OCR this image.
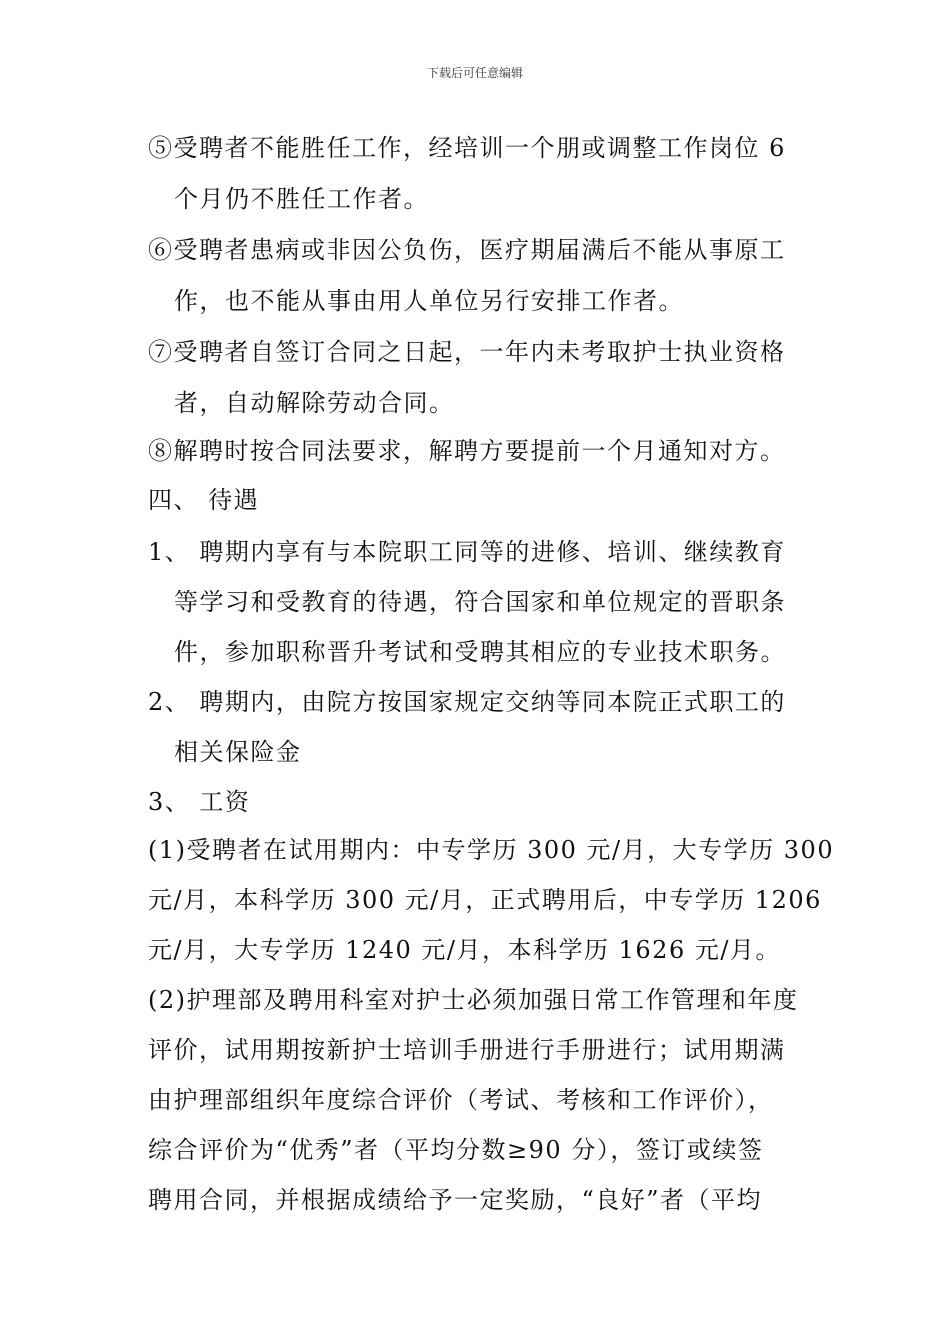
下载后可任意编辑
⑤受聘者不能胜任工作，经培训一个朋或调整工作岗位 6
个月仍不胜任工作者。
⑥受聘者患病或非因公负伤，医疗期届满后不能从事原工
作，也不能从事由用人单位另行安排工作者。
⑦受聘者自签订合同之日起，一年内未考取护士执业资格
者，自动解除劳动合同。
⑧解聘时按合同法要求，解聘方要提前一个月通知对方。
四、 待遇
1、 聘期内享有与本院职工同等的进修、培训、继续教育
等学习和受教育的待遇，符合国家和单位规定的晋职条
件，参加职称晋升考试和受聘其相应的专业技术职务。
2、 聘期内，由院方按国家规定交纳等同本院正式职工的
相关保险金
3、 工资
(1)受聘者在试用期内：中专学历 300 元/月，大专学历 300
元/月，本科学历 300 元/月，正式聘用后，中专学历 1206
元/月，大专学历 1240 元/月，本科学历 1626 元/月。
(2)护理部及聘用科室对护士必须加强日常工作管理和年度
评价，试用期按新护士培训手册进行手册进行；试用期满
由护理部组织年度综合评价（考试、考核和工作评价），
综合评价为“优秀”者（平均分数≥90 分），签订或续签
聘用合同，并根据成绩给予一定奖励，“良好”者（平均
